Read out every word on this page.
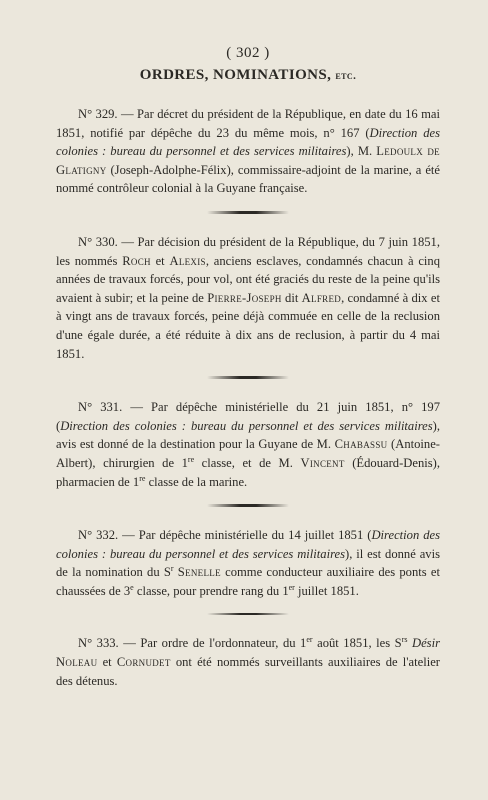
( 302 )
ORDRES, NOMINATIONS, etc.

N° 329. — Par décret du président de la République, en date du 16 mai 1851, notifié par dépêche du 23 du même mois, n° 167 (Direction des colonies : bureau du personnel et des services militaires), M. Ledoulx de Glatigny (Joseph-Adolphe-Félix), commissaire-adjoint de la marine, a été nommé contrôleur colonial à la Guyane française.

N° 330. — Par décision du président de la République, du 7 juin 1851, les nommés Roch et Alexis, anciens esclaves, condamnés chacun à cinq années de travaux forcés, pour vol, ont été graciés du reste de la peine qu'ils avaient à subir; et la peine de Pierre-Joseph dit Alfred, condamné à dix et à vingt ans de travaux forcés, peine déjà commuée en celle de la reclusion d'une égale durée, a été réduite à dix ans de reclusion, à partir du 4 mai 1851.

N° 331. — Par dépêche ministérielle du 21 juin 1851, n° 197 (Direction des colonies : bureau du personnel et des services militaires), avis est donné de la destination pour la Guyane de M. Chabassu (Antoine-Albert), chirurgien de 1re classe, et de M. Vincent (Édouard-Denis), pharmacien de 1re classe de la marine.

N° 332. — Par dépêche ministérielle du 14 juillet 1851 (Direction des colonies : bureau du personnel et des services militaires), il est donné avis de la nomination du $S^r$ Senelle comme conducteur auxiliaire des ponts et chaussées de 3e classe, pour prendre rang du 1er juillet 1851.

N° 333. — Par ordre de l'ordonnateur, du 1er août 1851, les $S^{rs}$ Désir Noleau et Cornudet ont été nommés surveillants auxiliaires de l'atelier des détenus.
